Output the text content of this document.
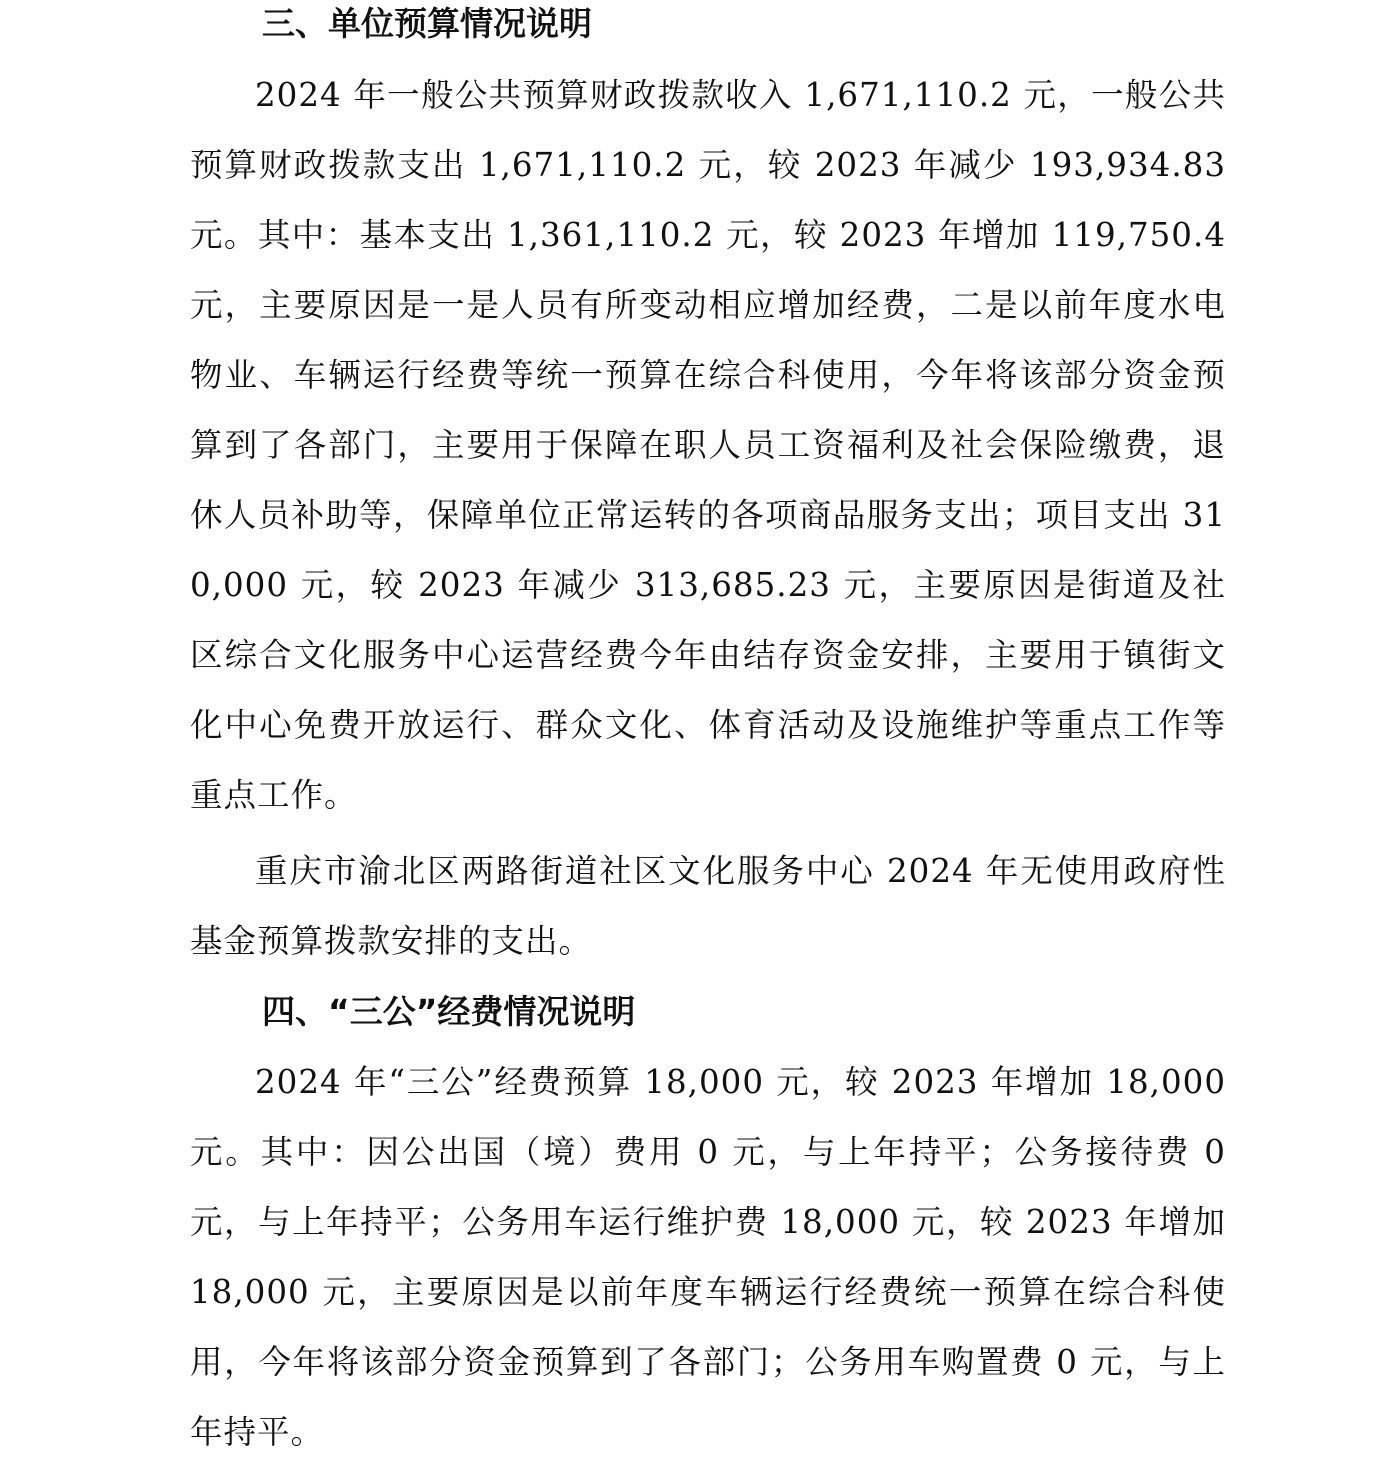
三、单位预算情况说明

2024 年一般公共预算财政拨款收入 1,671,110.2 元，一般公共预算财政拨款支出 1,671,110.2 元，较 2023 年减少 193,934.83 元。其中：基本支出 1,361,110.2 元，较 2023 年增加 119,750.4 元，主要原因是一是人员有所变动相应增加经费，二是以前年度水电物业、车辆运行经费等统一预算在综合科使用，今年将该部分资金预算到了各部门，主要用于保障在职人员工资福利及社会保险缴费，退休人员补助等，保障单位正常运转的各项商品服务支出；项目支出 310,000 元，较 2023 年减少 313,685.23 元，主要原因是街道及社区综合文化服务中心运营经费今年由结存资金安排，主要用于镇街文化中心免费开放运行、群众文化、体育活动及设施维护等重点工作等重点工作。

重庆市渝北区两路街道社区文化服务中心 2024 年无使用政府性基金预算拨款安排的支出。

四、“三公”经费情况说明

2024 年“三公”经费预算 18,000 元，较 2023 年增加 18,000 元。其中：因公出国（境）费用 0 元，与上年持平；公务接待费 0 元，与上年持平；公务用车运行维护费 18,000 元，较 2023 年增加 18,000 元，主要原因是以前年度车辆运行经费统一预算在综合科使用，今年将该部分资金预算到了各部门；公务用车购置费 0 元，与上年持平。
